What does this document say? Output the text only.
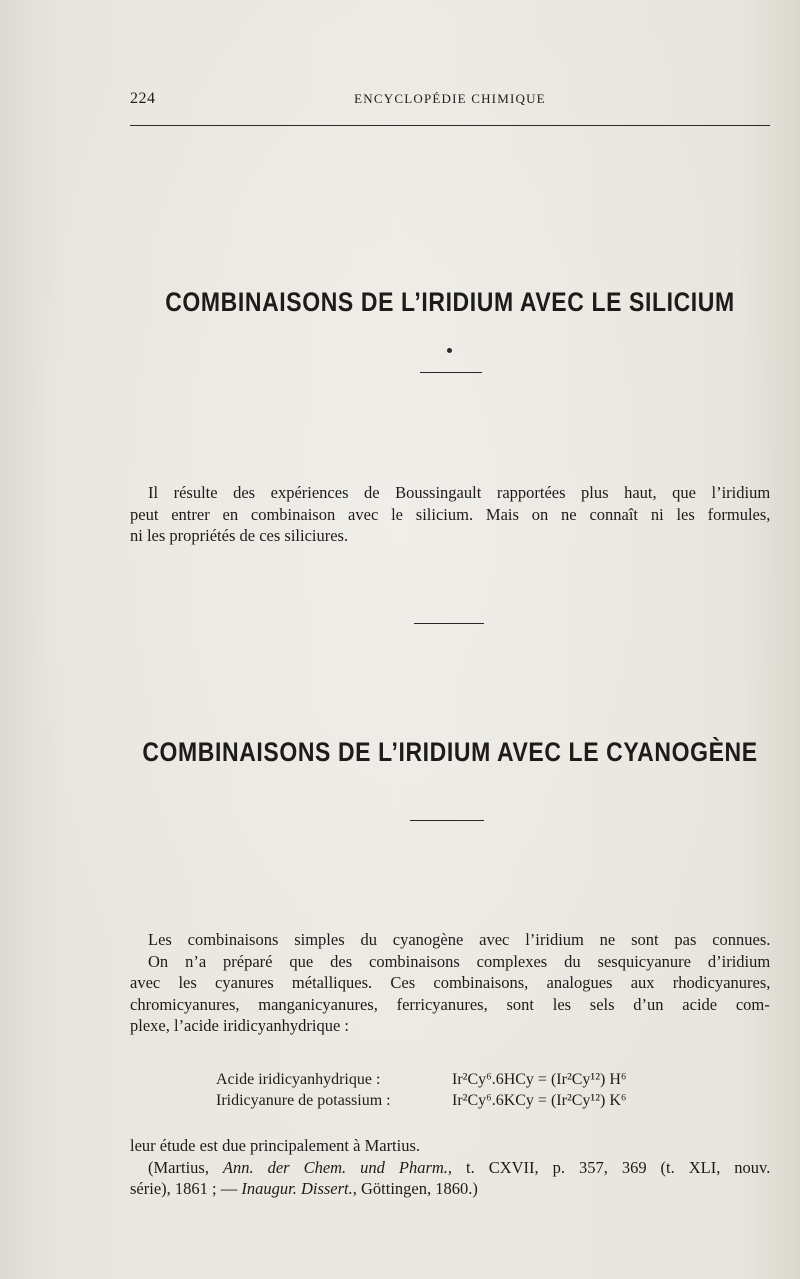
224	ENCYCLOPÉDIE CHIMIQUE
COMBINAISONS DE L’IRIDIUM AVEC LE SILICIUM

Il résulte des expériences de Boussingault rapportées plus haut, que l’iridium
peut entrer en combinaison avec le silicium. Mais on ne connaît ni les formules,
ni les propriétés de ces siliciures.

COMBINAISONS DE L’IRIDIUM AVEC LE CYANOGÈNE

Les combinaisons simples du cyanogène avec l’iridium ne sont pas connues.
On n’a préparé que des combinaisons complexes du sesquicyanure d’iridium
avec les cyanures métalliques. Ces combinaisons, analogues aux rhodicyanures,
chromicyanures, manganicyanures, ferricyanures, sont les sels d’un acide com-
plexe, l’acide iridicyanhydrique :

Acide iridicyanhydrique :	Ir²Cy⁶.6HCy = (Ir²Cy¹²) H⁶
Iridicyanure de potassium :	Ir²Cy⁶.6KCy = (Ir²Cy¹²) K⁶

leur étude est due principalement à Martius.
(Martius, Ann. der Chem. und Pharm., t. CXVII, p. 357, 369 (t. XLI, nouv.
série), 1861 ; — Inaugur. Dissert., Göttingen, 1860.)
